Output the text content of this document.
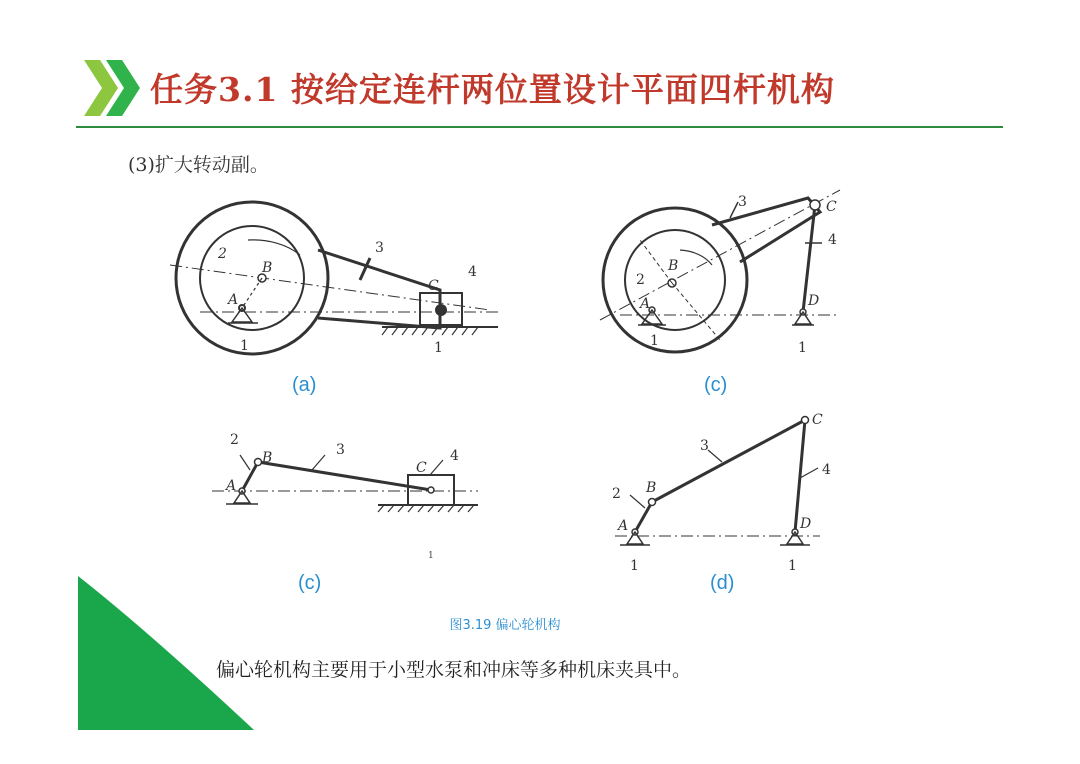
任务3.1 按给定连杆两位置设计平面四杆机构
(3)扩大转动副。
2
B
A
1
3
C
4
1
3	C
4
B
2
A	D
1	1
2
B
A
3
C
4
3
C
4
B
2
A	D
1	1
(a)	(c)
(c)	(d)
1
图3.19 偏心轮机构
偏心轮机构主要用于小型水泵和冲床等多种机床夹具中。
